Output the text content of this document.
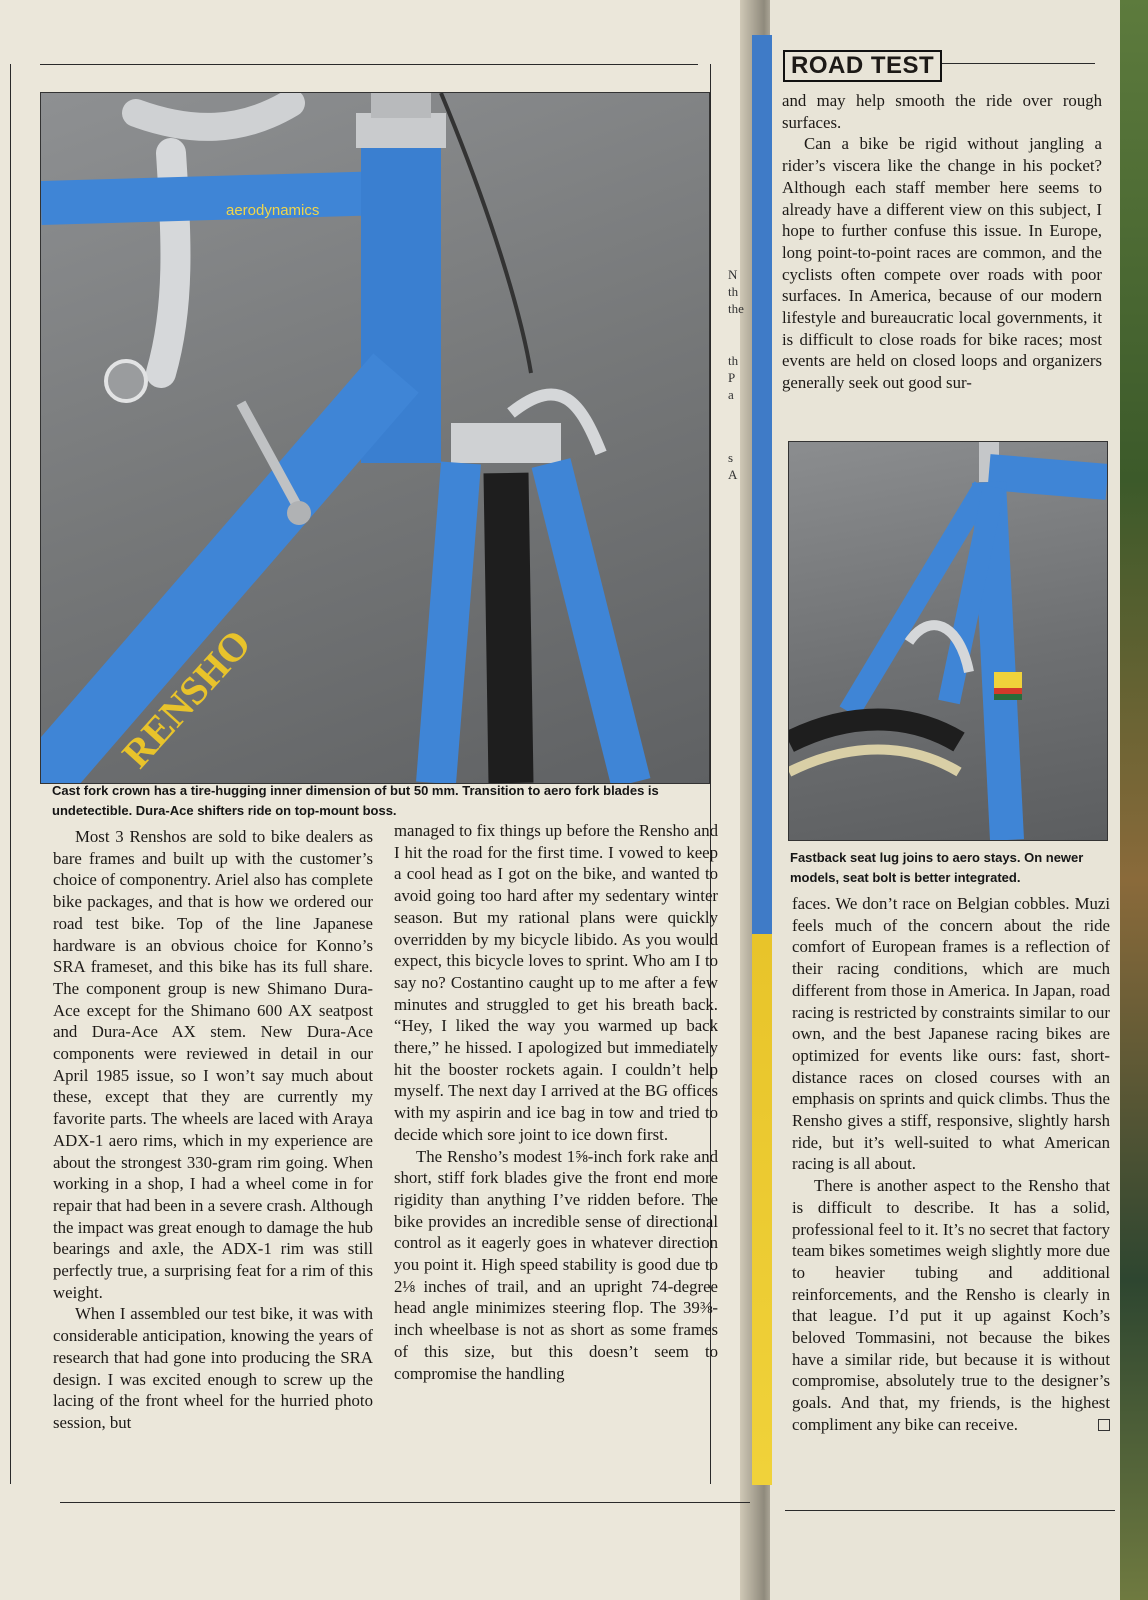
N
th
the
th
P
a
s
A
aerodynamics
RENSHO
Cast fork crown has a tire-hugging inner dimension of but 50 mm. Transition to aero fork blades is undetectible. Dura-Ace shifters ride on top-mount boss.
ROAD TEST
Fastback seat lug joins to aero stays. On newer models, seat bolt is better integrated.

Most 3 Renshos are sold to bike dealers as bare frames and built up with the customer’s choice of componentry. Ariel also has complete bike packages, and that is how we ordered our road test bike. Top of the line Japanese hardware is an obvious choice for Konno’s SRA frameset, and this bike has its full share. The component group is new Shimano Dura-Ace except for the Shimano 600 AX seatpost and Dura-Ace AX stem. New Dura-Ace components were reviewed in detail in our April 1985 issue, so I won’t say much about these, except that they are currently my favorite parts. The wheels are laced with Araya ADX-1 aero rims, which in my experience are about the strongest 330-gram rim going. When working in a shop, I had a wheel come in for repair that had been in a severe crash. Although the impact was great enough to damage the hub bearings and axle, the ADX-1 rim was still perfectly true, a surprising feat for a rim of this weight.

When I assembled our test bike, it was with considerable anticipation, knowing the years of research that had gone into producing the SRA design. I was excited enough to screw up the lacing of the front wheel for the hurried photo session, but

managed to fix things up before the Rensho and I hit the road for the first time. I vowed to keep a cool head as I got on the bike, and wanted to avoid going too hard after my sedentary winter season. But my rational plans were quickly overridden by my bicycle libido. As you would expect, this bicycle loves to sprint. Who am I to say no? Costantino caught up to me after a few minutes and struggled to get his breath back. “Hey, I liked the way you warmed up back there,” he hissed. I apologized but immediately hit the booster rockets again. I couldn’t help myself. The next day I arrived at the BG offices with my aspirin and ice bag in tow and tried to decide which sore joint to ice down first.

The Rensho’s modest 1⅝-inch fork rake and short, stiff fork blades give the front end more rigidity than anything I’ve ridden before. The bike provides an incredible sense of directional control as it eagerly goes in whatever direction you point it. High speed stability is good due to 2⅛ inches of trail, and an upright 74-degree head angle minimizes steering flop. The 39⅜-inch wheelbase is not as short as some frames of this size, but this doesn’t seem to compromise the handling

and may help smooth the ride over rough surfaces.

Can a bike be rigid without jangling a rider’s viscera like the change in his pocket? Although each staff member here seems to already have a different view on this subject, I hope to further confuse this issue. In Europe, long point-to-point races are common, and the cyclists often compete over roads with poor surfaces. In America, because of our modern lifestyle and bureaucratic local governments, it is difficult to close roads for bike races; most events are held on closed loops and organizers generally seek out good sur-

faces. We don’t race on Belgian cobbles. Muzi feels much of the concern about the ride comfort of European frames is a reflection of their racing conditions, which are much different from those in America. In Japan, road racing is restricted by constraints similar to our own, and the best Japanese racing bikes are optimized for events like ours: fast, short-distance races on closed courses with an emphasis on sprints and quick climbs. Thus the Rensho gives a stiff, responsive, slightly harsh ride, but it’s well-suited to what American racing is all about.

There is another aspect to the Rensho that is difficult to describe. It has a solid, professional feel to it. It’s no secret that factory team bikes sometimes weigh slightly more due to heavier tubing and additional reinforcements, and the Rensho is clearly in that league. I’d put it up against Koch’s beloved Tommasini, not because the bikes have a similar ride, but because it is without compromise, absolutely true to the designer’s goals. And that, my friends, is the highest compliment any bike can receive.
